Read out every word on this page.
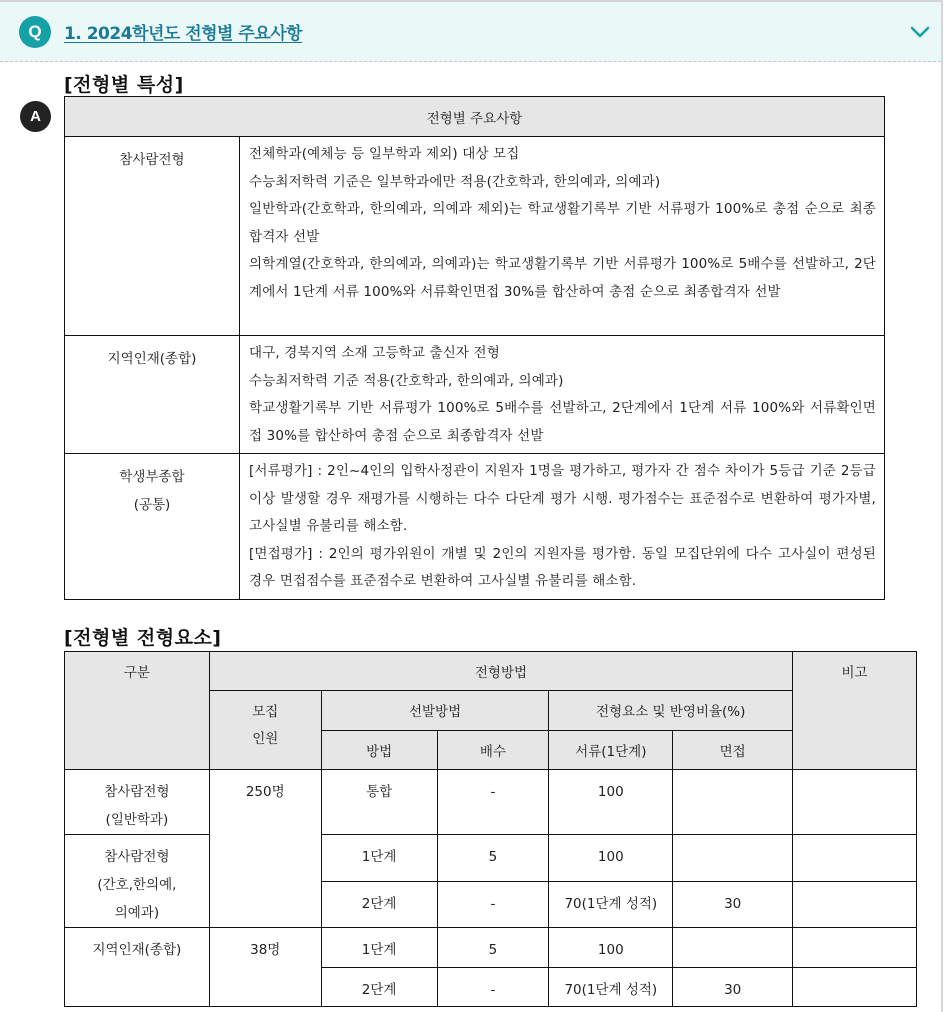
Q	1. 2024학년도 전형별 주요사항
A
[전형별 특성]
전형별 주요사항	
참사람전형	전체학과(예체능 등 일부학과 제외) 대상 모집
수능최저학력 기준은 일부학과에만 적용(간호학과, 한의예과, 의예과)
일반학과(간호학과, 한의예과, 의예과 제외)는 학교생활기록부 기반 서류평가 100%로 총점 순으로 최종합격자 선발
의학계열(간호학과, 한의예과, 의예과)는 학교생활기록부 기반 서류평가 100%로 5배수를 선발하고, 2단계에서 1단계 서류 100%와 서류확인면접 30%를 합산하여 총점 순으로 최종합격자 선발

지역인재(종합)	대구, 경북지역 소재 고등학교 출신자 전형
수능최저학력 기준 적용(간호학과, 한의예과, 의예과)
학교생활기록부 기반 서류평가 100%로 5배수를 선발하고, 2단계에서 1단계 서류 100%와 서류확인면접 30%를 합산하여 총점 순으로 최종합격자 선발

학생부종합
(공통)

[서류평가] : 2인~4인의 입학사정관이 지원자 1명을 평가하고, 평가자 간 점수 차이가 5등급 기준 2등급 이상 발생할 경우 재평가를 시행하는 다수 다단계 평가 시행. 평가점수는 표준점수로 변환하여 평가자별, 고사실별 유불리를 해소함.
[면접평가] : 2인의 평가위원이 개별 및 2인의 지원자를 평가함. 동일 모집단위에 다수 고사실이 편성된 경우 면접점수를 표준점수로 변환하여 고사실별 유불리를 해소함.
[전형별 전형요소]
구분	전형방법					비고

	모집
인원	선발방법		전형요소 및 반영비율(%)		
		방법	배수	서류(1단계)	면접	

참사람전형
(일반학과)	250명	통합	-	100		

참사람전형
(간호,한의예,
의예과)		1단계	5	100		
		2단계	-	70(1단계 성적)	30	
지역인재(종합)	38명	1단계	5	100		
		2단계	-	70(1단계 성적)	30	
